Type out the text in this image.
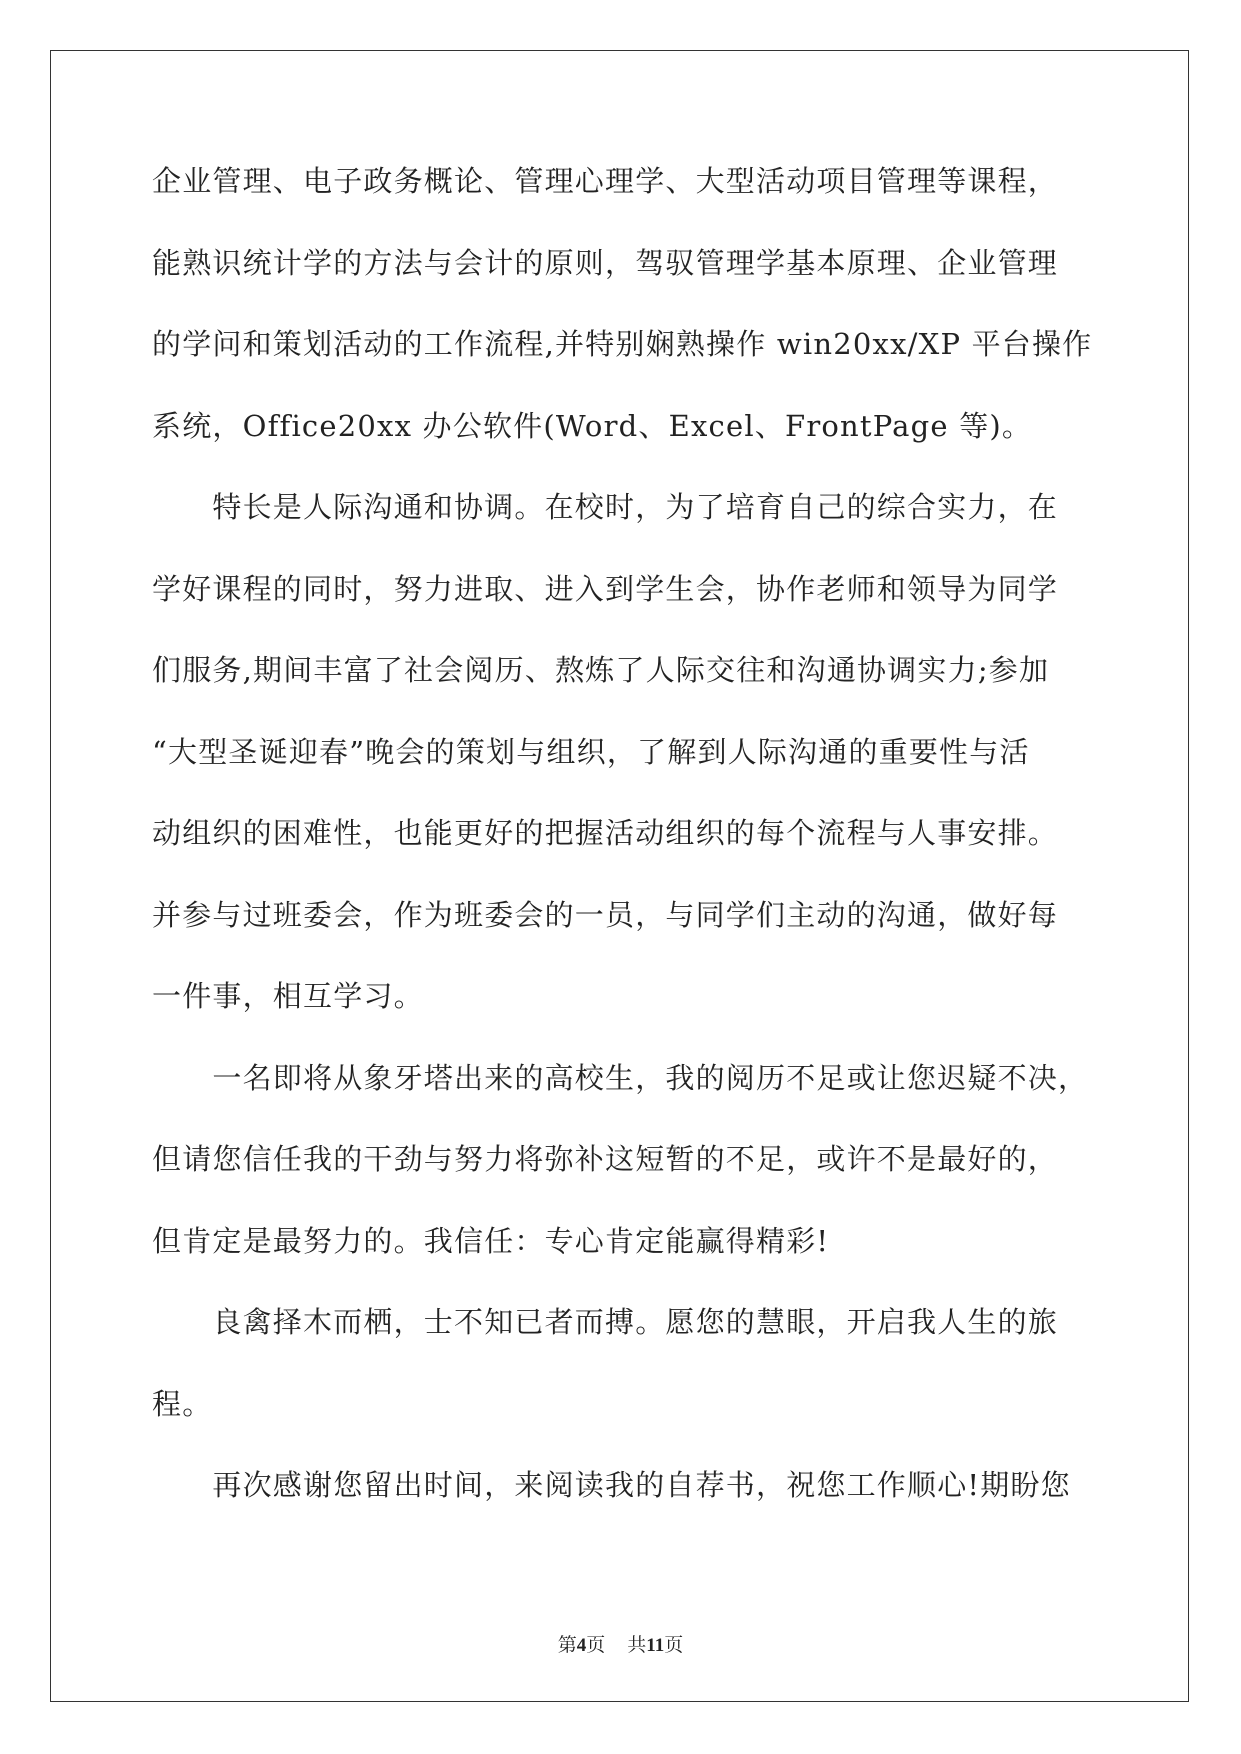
企业管理、电子政务概论、管理心理学、大型活动项目管理等课程，
能熟识统计学的方法与会计的原则，驾驭管理学基本原理、企业管理
的学问和策划活动的工作流程,并特别娴熟操作 win20xx/XP 平台操作
系统，Office20xx 办公软件(Word、Excel、FrontPage 等)。
　　特长是人际沟通和协调。在校时，为了培育自己的综合实力，在
学好课程的同时，努力进取、进入到学生会，协作老师和领导为同学
们服务,期间丰富了社会阅历、熬炼了人际交往和沟通协调实力;参加
“大型圣诞迎春”晚会的策划与组织，了解到人际沟通的重要性与活
动组织的困难性，也能更好的把握活动组织的每个流程与人事安排。
并参与过班委会，作为班委会的一员，与同学们主动的沟通，做好每
一件事，相互学习。
　　一名即将从象牙塔出来的高校生，我的阅历不足或让您迟疑不决，
但请您信任我的干劲与努力将弥补这短暂的不足，或许不是最好的，
但肯定是最努力的。我信任：专心肯定能赢得精彩!
　　良禽择木而栖，士不知已者而搏。愿您的慧眼，开启我人生的旅
程。
　　再次感谢您留出时间，来阅读我的自荐书，祝您工作顺心!期盼您
第4页 共11页
